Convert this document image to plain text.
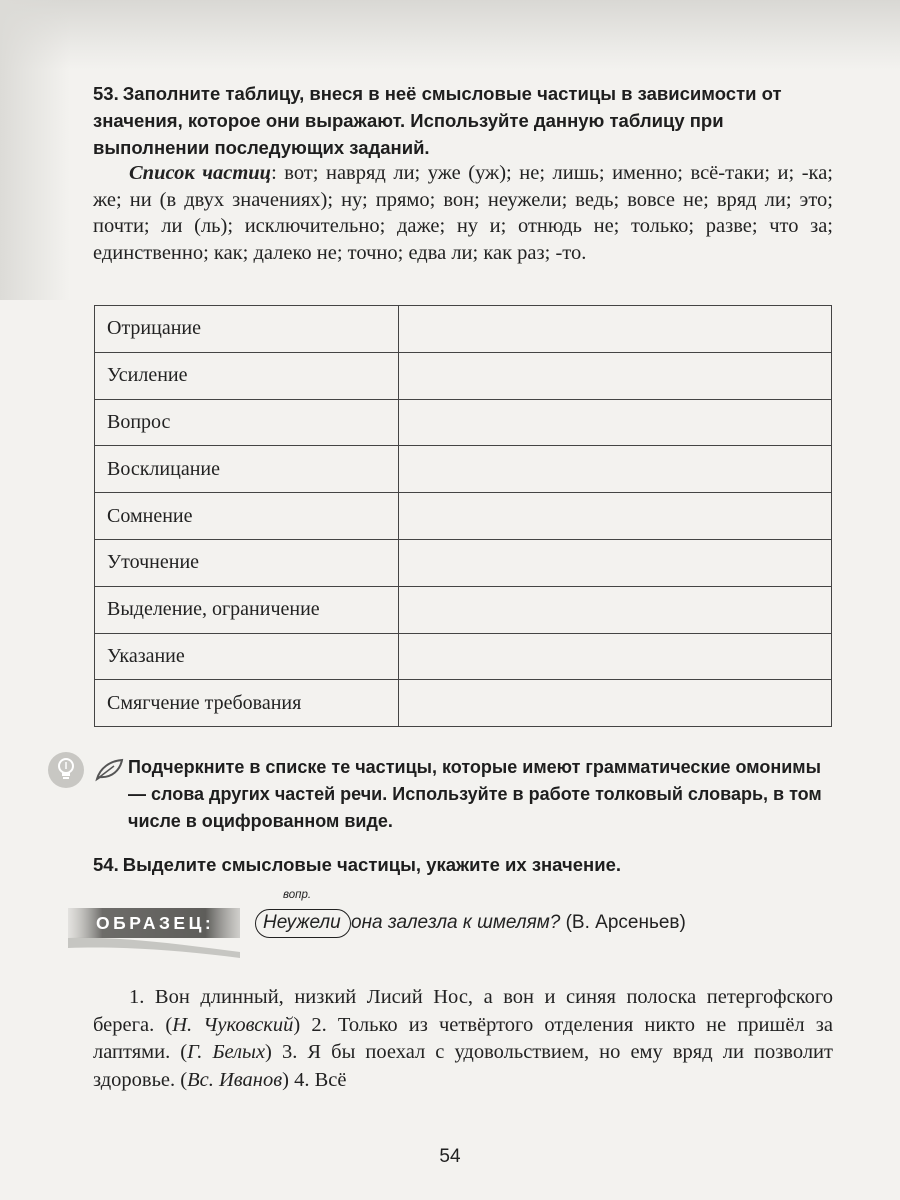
53. Заполните таблицу, внеся в неё смысловые частицы в зависимости от значения, которое они выражают. Используйте данную таблицу при выполнении последующих заданий.
Список частиц: вот; навряд ли; уже (уж); не; лишь; именно; всё-таки; и; -ка; же; ни (в двух значениях); ну; прямо; вон; неужели; ведь; вовсе не; вряд ли; это; почти; ли (ль); исключительно; даже; ну и; отнюдь не; только; разве; что за; единственно; как; далеко не; точно; едва ли; как раз; -то.
Отрицание	
Усиление	
Вопрос	
Восклицание	
Сомнение	
Уточнение	
Выделение, ограничение	
Указание	
Смягчение требования	
Подчеркните в списке те частицы, которые имеют грамматические омонимы — слова других частей речи. Используйте в работе толковый словарь, в том числе в оцифрованном виде.
54. Выделите смысловые частицы, укажите их значение.
ОБРАЗЕЦ:
вопр.
Неужели она залезла к шмелям? (В. Арсеньев)
1. Вон длинный, низкий Лисий Нос, а вон и синяя полоска петергофского берега. (Н. Чуковский) 2. Только из четвёртого отделения никто не пришёл за лаптями. (Г. Белых) 3. Я бы поехал с удовольствием, но ему вряд ли позволит здоровье. (Вс. Иванов) 4. Всё
54
